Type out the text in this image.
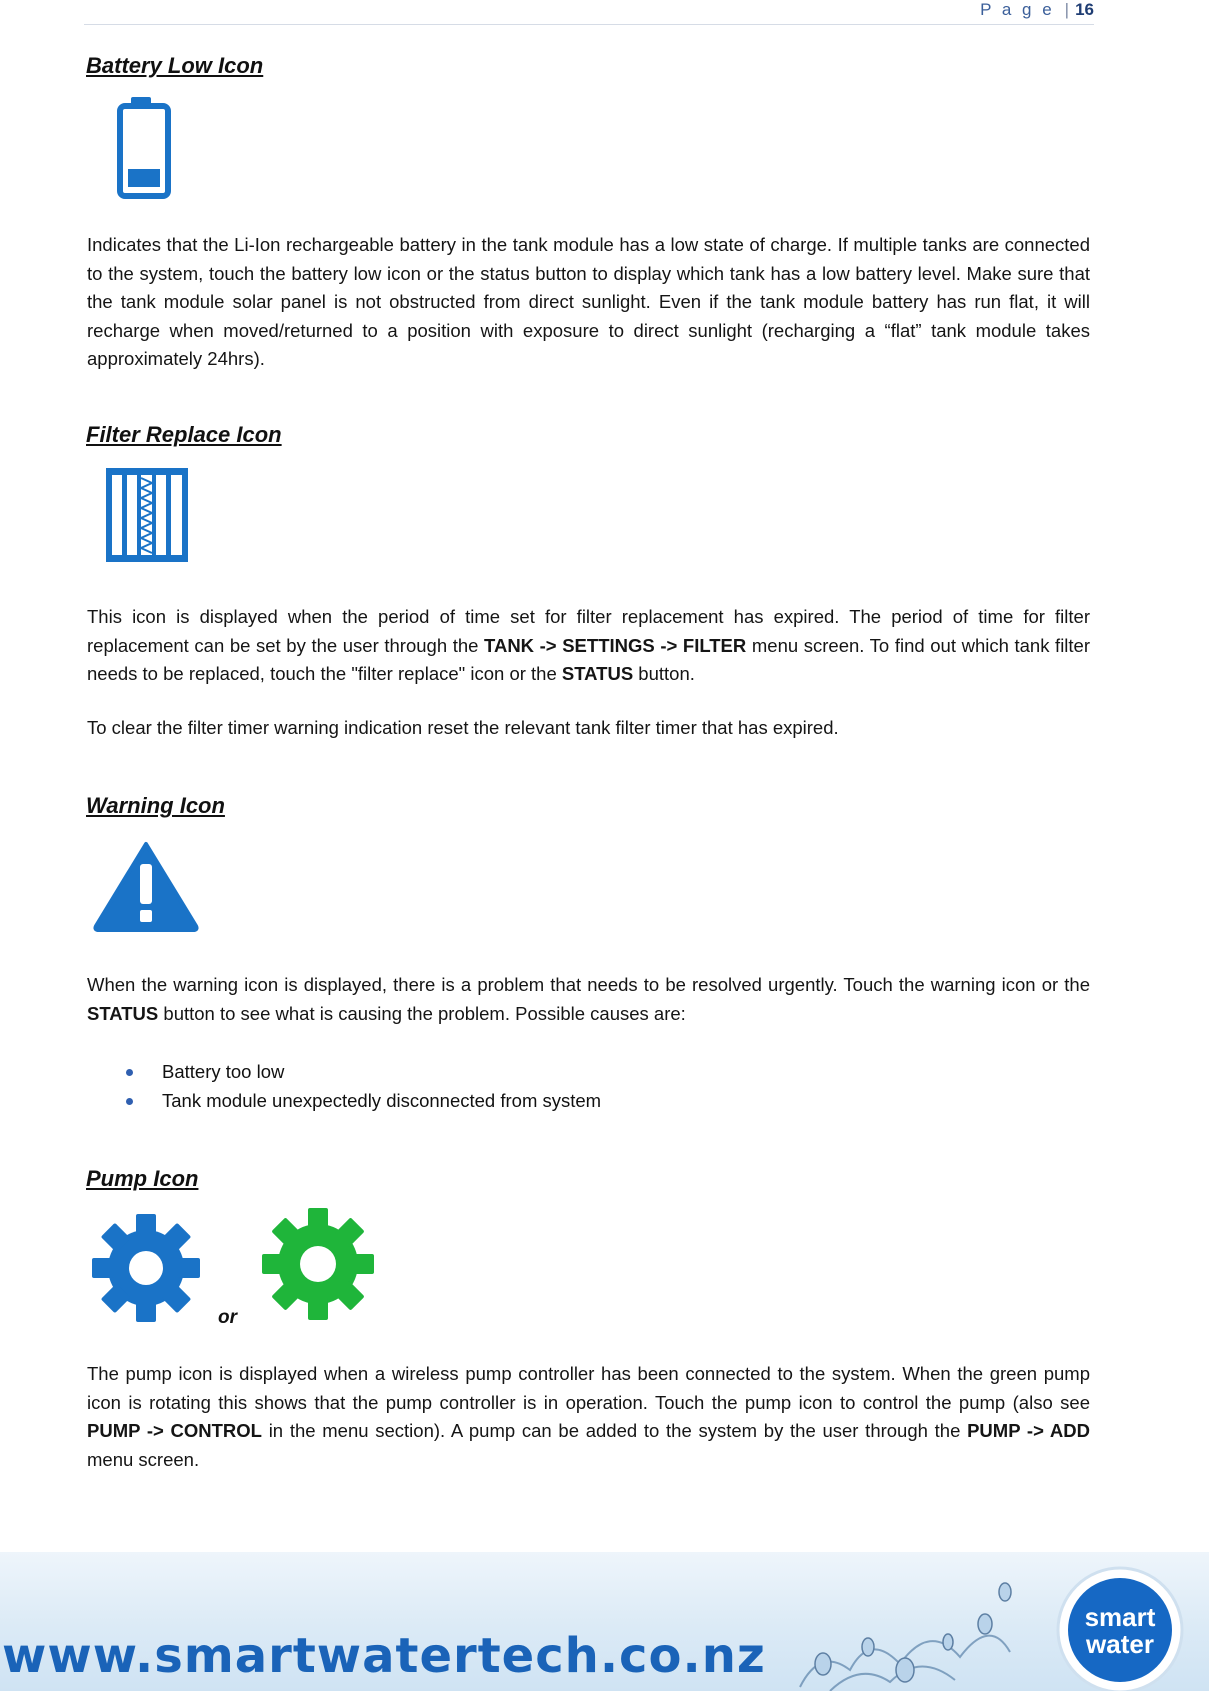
P a g e | 16
Battery Low Icon
Indicates that the Li-Ion rechargeable battery in the tank module has a low state of charge. If multiple tanks are connected to the system, touch the battery low icon or the status button to display which tank has a low battery level. Make sure that the tank module solar panel is not obstructed from direct sunlight. Even if the tank module battery has run flat, it will recharge when moved/returned to a position with exposure to direct sunlight (recharging a “flat” tank module takes approximately 24hrs).
Filter Replace Icon
This icon is displayed when the period of time set for filter replacement has expired. The period of time for filter replacement can be set by the user through the TANK -> SETTINGS -> FILTER menu screen. To find out which tank filter needs to be replaced, touch the "filter replace" icon or the STATUS button.
To clear the filter timer warning indication reset the relevant tank filter timer that has expired.
Warning Icon
When the warning icon is displayed, there is a problem that needs to be resolved urgently. Touch the warning icon or the STATUS button to see what is causing the problem. Possible causes are:
Battery too low
Tank module unexpectedly disconnected from system
Pump Icon
or
The pump icon is displayed when a wireless pump controller has been connected to the system. When the green pump icon is rotating this shows that the pump controller is in operation. Touch the pump icon to control the pump (also see PUMP -> CONTROL in the menu section). A pump can be added to the system by the user through the PUMP -> ADD menu screen.
www.smartwatertech.co.nz
smart
water
